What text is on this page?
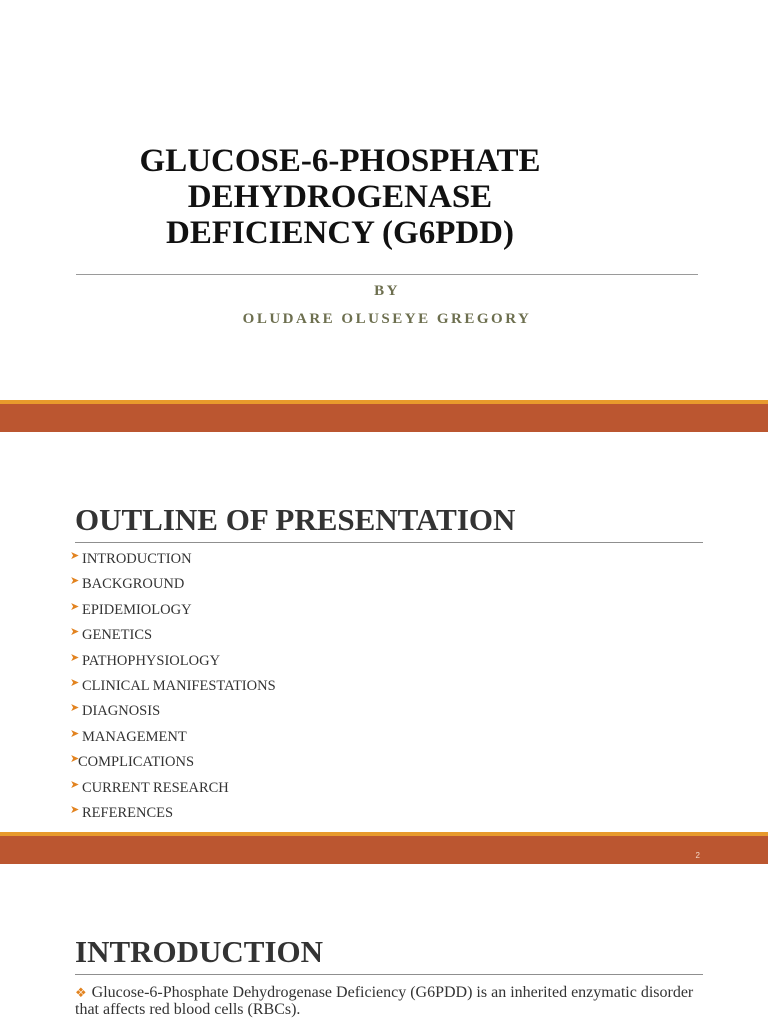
GLUCOSE-6-PHOSPHATE
DEHYDROGENASE
DEFICIENCY (G6PDD)
BY
OLUDARE OLUSEYE GREGORY
OUTLINE OF PRESENTATION
➤ INTRODUCTION
➤ BACKGROUND
➤ EPIDEMIOLOGY
➤ GENETICS
➤ PATHOPHYSIOLOGY
➤ CLINICAL MANIFESTATIONS
➤ DIAGNOSIS
➤ MANAGEMENT
➤
COMPLICATIONS
➤ CURRENT RESEARCH
➤ REFERENCES
2
INTRODUCTION
❖ Glucose-6-Phosphate Dehydrogenase Deficiency (G6PDD) is an inherited enzymatic disorder that affects red blood cells (RBCs).
